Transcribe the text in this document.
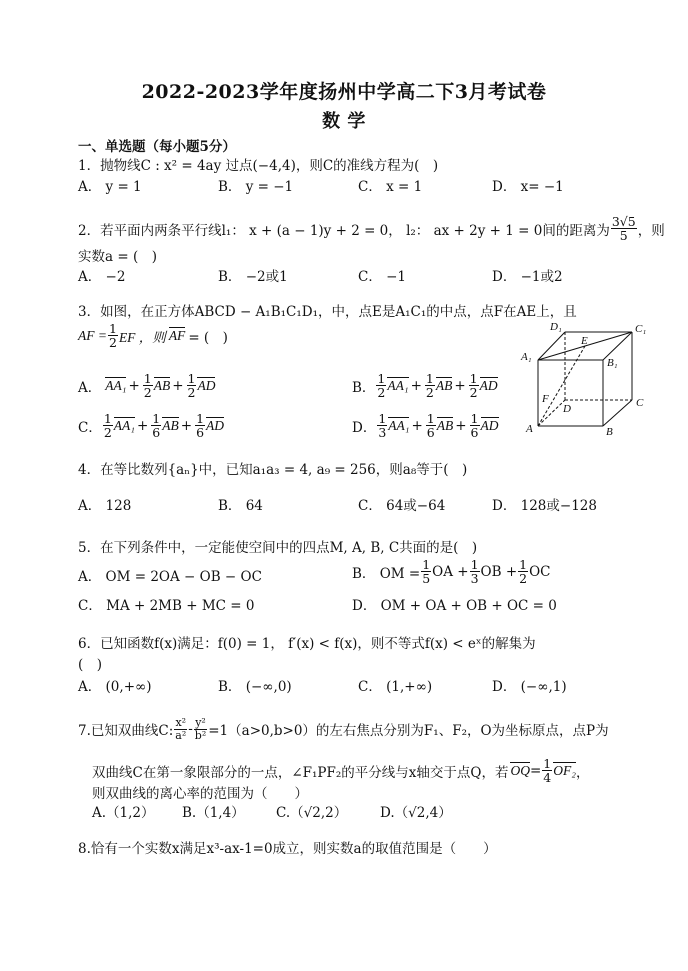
2022-2023学年度扬州中学高二下3月考试卷
数 学
一、单选题（每小题5分）
1．抛物线C : x² = 4ay 过点(−4,4)，则C的准线方程为(　)
A． y = 1	B． y = −1	C． x = 1	D． x= −1
2．若平面内两条平行线l₁： x + (a − 1)y + 2 = 0， l₂： ax + 2y + 1 = 0间的距离为 $\frac{3√5}{5}$ ，则
实数a = (　)
A． −2	B． −2或1	C． −1	D． −1或2
3．如图，在正方体ABCD − A₁B₁C₁D₁，中，点E是A₁C₁的中点，点F在AE上，且
AF = $\frac{1}{2}$ EF ，则 AF = (　)
A． $AA_1 + \frac{1}{2}$ AB + $\frac{1}{2}$ AD	B． $\frac{1}{2} AA_1 + \frac{1}{2}$ AB + $\frac{1}{2}$ AD
C． $\frac{1}{2} AA_1 + \frac{1}{6}$ AB + $\frac{1}{6}$ AD	D． $\frac{1}{3} AA_1 + \frac{1}{6}$ AB + $\frac{1}{6}$ AD
D₁
E
C₁
A₁	B₁
F
D	C
A	B
4．在等比数列{aₙ}中，已知a₁a₃ = 4, a₉ = 256，则a₈等于(　)
A． 128	B． 64	C． 64或−64	D． 128或−128
5．在下列条件中，一定能使空间中的四点M, A, B, C共面的是(　)
A． OM = 2OA − OB − OC	B． OM = $\frac{1}{5}$ OA + $\frac{1}{3}$ OB + $\frac{1}{2}$ OC
C． MA + 2MB + MC = 0	D． OM + OA + OB + OC = 0
6．已知函数f(x)满足：f(0) = 1， f′(x) < f(x)，则不等式f(x) < eˣ的解集为
(　)
A． (0,+∞)	B． (−∞,0)	C． (1,+∞)	D． (−∞,1)
7.已知双曲线C: $\frac{\text{x²}}{\text{a²}} - \frac{\text{y²}}{\text{b²}} =1(a>0,b>0)$的左右焦点分别为F₁、F₂，O为坐标原点，点P为
双曲线C在第一象限部分的一点，∠F₁PF₂的平分线与x轴交于点Q，若 OQ = $\frac{1}{4} OF_2$ ，
则双曲线的离心率的范围为（　　）
A.（1,2） B.（1,4） C.（√2,2） D.（√2,4）
8.恰有一个实数x满足x³-ax-1=0成立，则实数a的取值范围是（　　）
